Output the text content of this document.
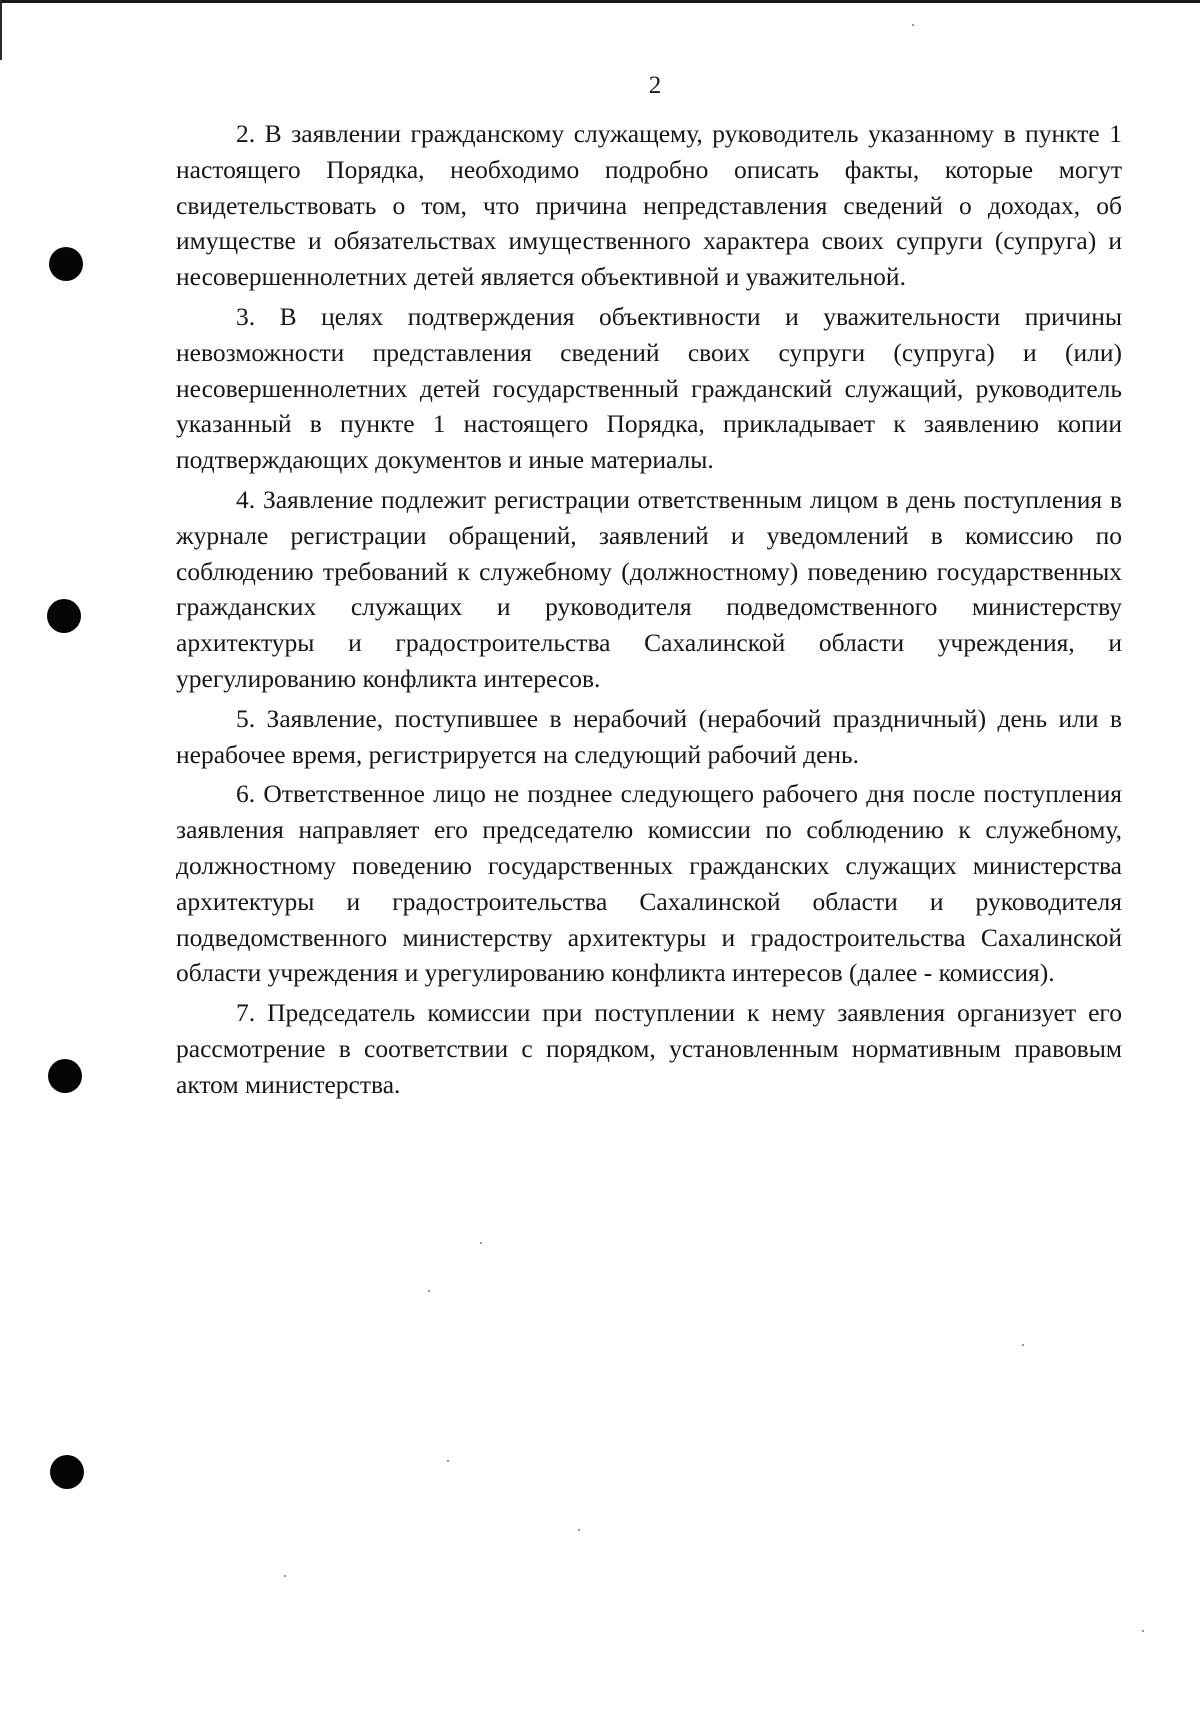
2

2. В заявлении гражданскому служащему, руководитель указанному в пункте 1 настоящего Порядка, необходимо подробно описать факты, которые могут свидетельствовать о том, что причина непредставления сведений о доходах, об имуществе и обязательствах имущественного характера своих супруги (супруга) и несовершеннолетних детей является объективной и уважительной.

3. В целях подтверждения объективности и уважительности причины невозможности представления сведений своих супруги (супруга) и (или) несовершеннолетних детей государственный гражданский служащий, руководитель указанный в пункте 1 настоящего Порядка, прикладывает к заявлению копии подтверждающих документов и иные материалы.

4. Заявление подлежит регистрации ответственным лицом в день поступления в журнале регистрации обращений, заявлений и уведомлений в комиссию по соблюдению требований к служебному (должностному) поведению государственных гражданских служащих и руководителя подведомственного министерству архитектуры и градостроительства Сахалинской области учреждения, и урегулированию конфликта интересов.

5. Заявление, поступившее в нерабочий (нерабочий праздничный) день или в нерабочее время, регистрируется на следующий рабочий день.

6. Ответственное лицо не позднее следующего рабочего дня после поступления заявления направляет его председателю комиссии по соблюдению к служебному, должностному поведению государственных гражданских служащих министерства архитектуры и градостроительства Сахалинской области и руководителя подведомственного министерству архитектуры и градостроительства Сахалинской области учреждения и урегулированию конфликта интересов (далее - комиссия).

7. Председатель комиссии при поступлении к нему заявления организует его рассмотрение в соответствии с порядком, установленным нормативным правовым актом министерства.
